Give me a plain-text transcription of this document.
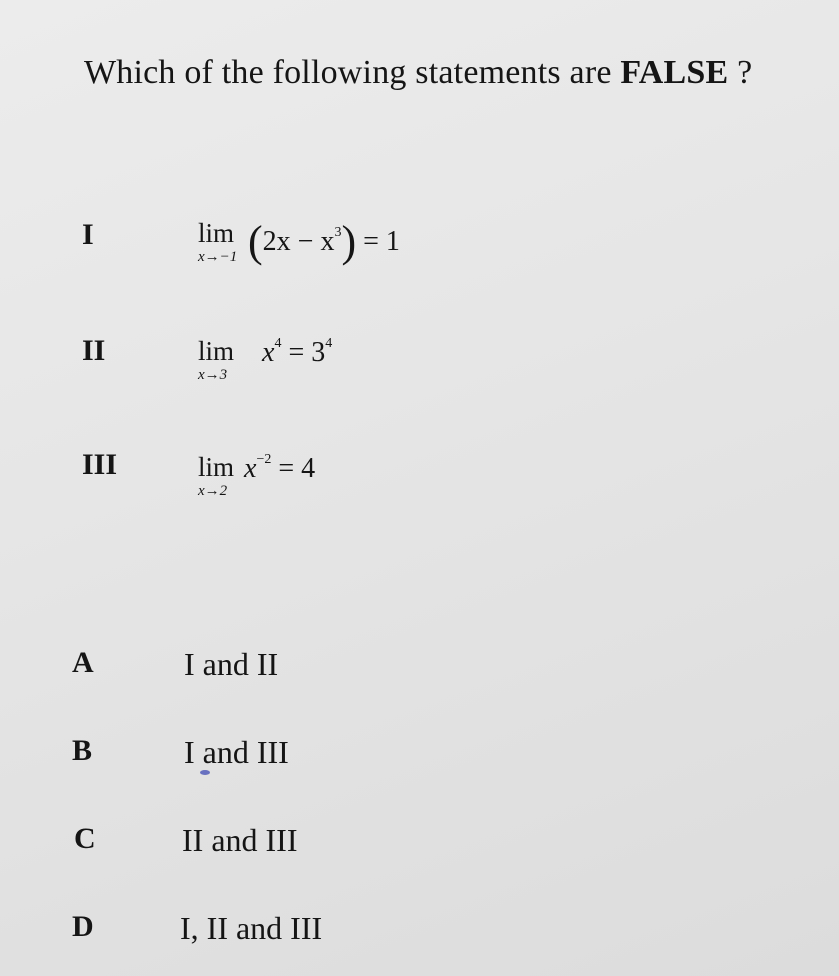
Which of the following statements are FALSE ?
I	lim
x→−1 $(2x - x^3) = 1$
II	lim
x→3
$x^4 = 3^4$
III	lim
x→2
$x^{-2} = 4$
A	I and II
B	I and III
C	II and III
D	I, II and III
